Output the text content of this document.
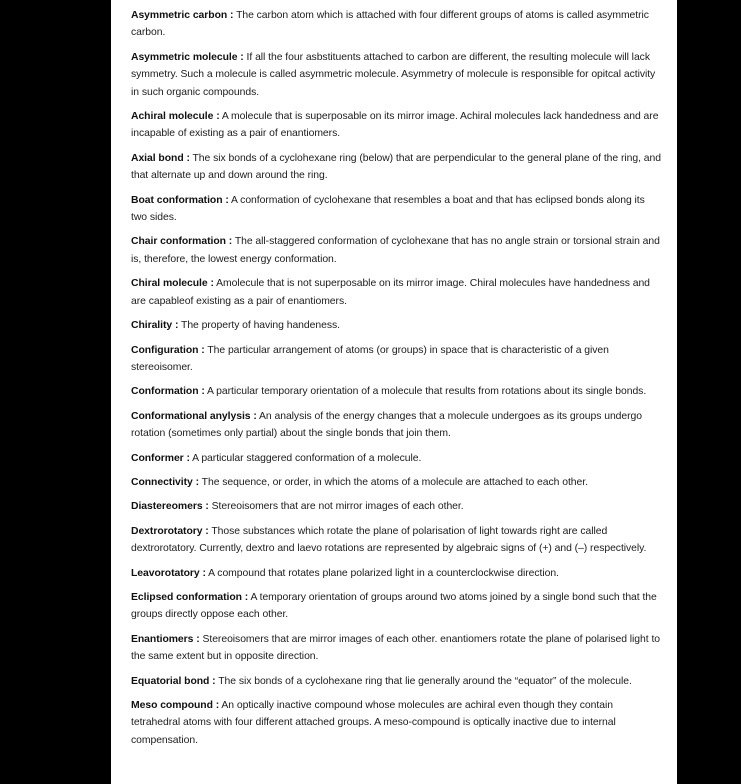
Asymmetric carbon : The carbon atom which is attached with four different groups of atoms is called asymmetric carbon.

Asymmetric molecule : If all the four asbstituents attached to carbon are different, the resulting molecule will lack symmetry. Such a molecule is called asymmetric molecule. Asymmetry of molecule is responsible for opitcal activity in such organic compounds.

Achiral molecule : A molecule that is superposable on its mirror image. Achiral molecules lack handedness and are incapable of existing as a pair of enantiomers.

Axial bond : The six bonds of a cyclohexane ring (below) that are perpendicular to the general plane of the ring, and that alternate up and down around the ring.

Boat conformation : A conformation of cyclohexane that resembles a boat and that has eclipsed bonds along its two sides.

Chair conformation : The all-staggered conformation of cyclohexane that has no angle strain or torsional strain and is, therefore, the lowest energy conformation.

Chiral molecule : Amolecule that is not superposable on its mirror image. Chiral molecules have handedness and are capableof existing as a pair of enantiomers.

Chirality : The property of having handeness.

Configuration : The particular arrangement of atoms (or groups) in space that is characteristic of a given stereoisomer.

Conformation : A particular temporary orientation of a molecule that results from rotations about its single bonds.

Conformational anylysis : An analysis of the energy changes that a molecule undergoes as its groups undergo rotation (sometimes only partial) about the single bonds that join them.

Conformer : A particular staggered conformation of a molecule.

Connectivity : The sequence, or order, in which the atoms of a molecule are attached to each other.

Diastereomers : Stereoisomers that are not mirror images of each other.

Dextrorotatory : Those substances which rotate the plane of polarisation of light towards right are called dextrorotatory. Currently, dextro and laevo rotations are represented by algebraic signs of (+) and (–) respectively.

Leavorotatory : A compound that rotates plane polarized light in a counterclockwise direction.

Eclipsed conformation : A temporary orientation of groups around two atoms joined by a single bond such that the groups directly oppose each other.

Enantiomers : Stereoisomers that are mirror images of each other. enantiomers rotate the plane of polarised light to the same extent but in opposite direction.

Equatorial bond : The six bonds of a cyclohexane ring that lie generally around the “equator” of the molecule.

Meso compound : An optically inactive compound whose molecules are achiral even though they contain tetrahedral atoms with four different attached groups. A meso-compound is optically inactive due to internal compensation.
